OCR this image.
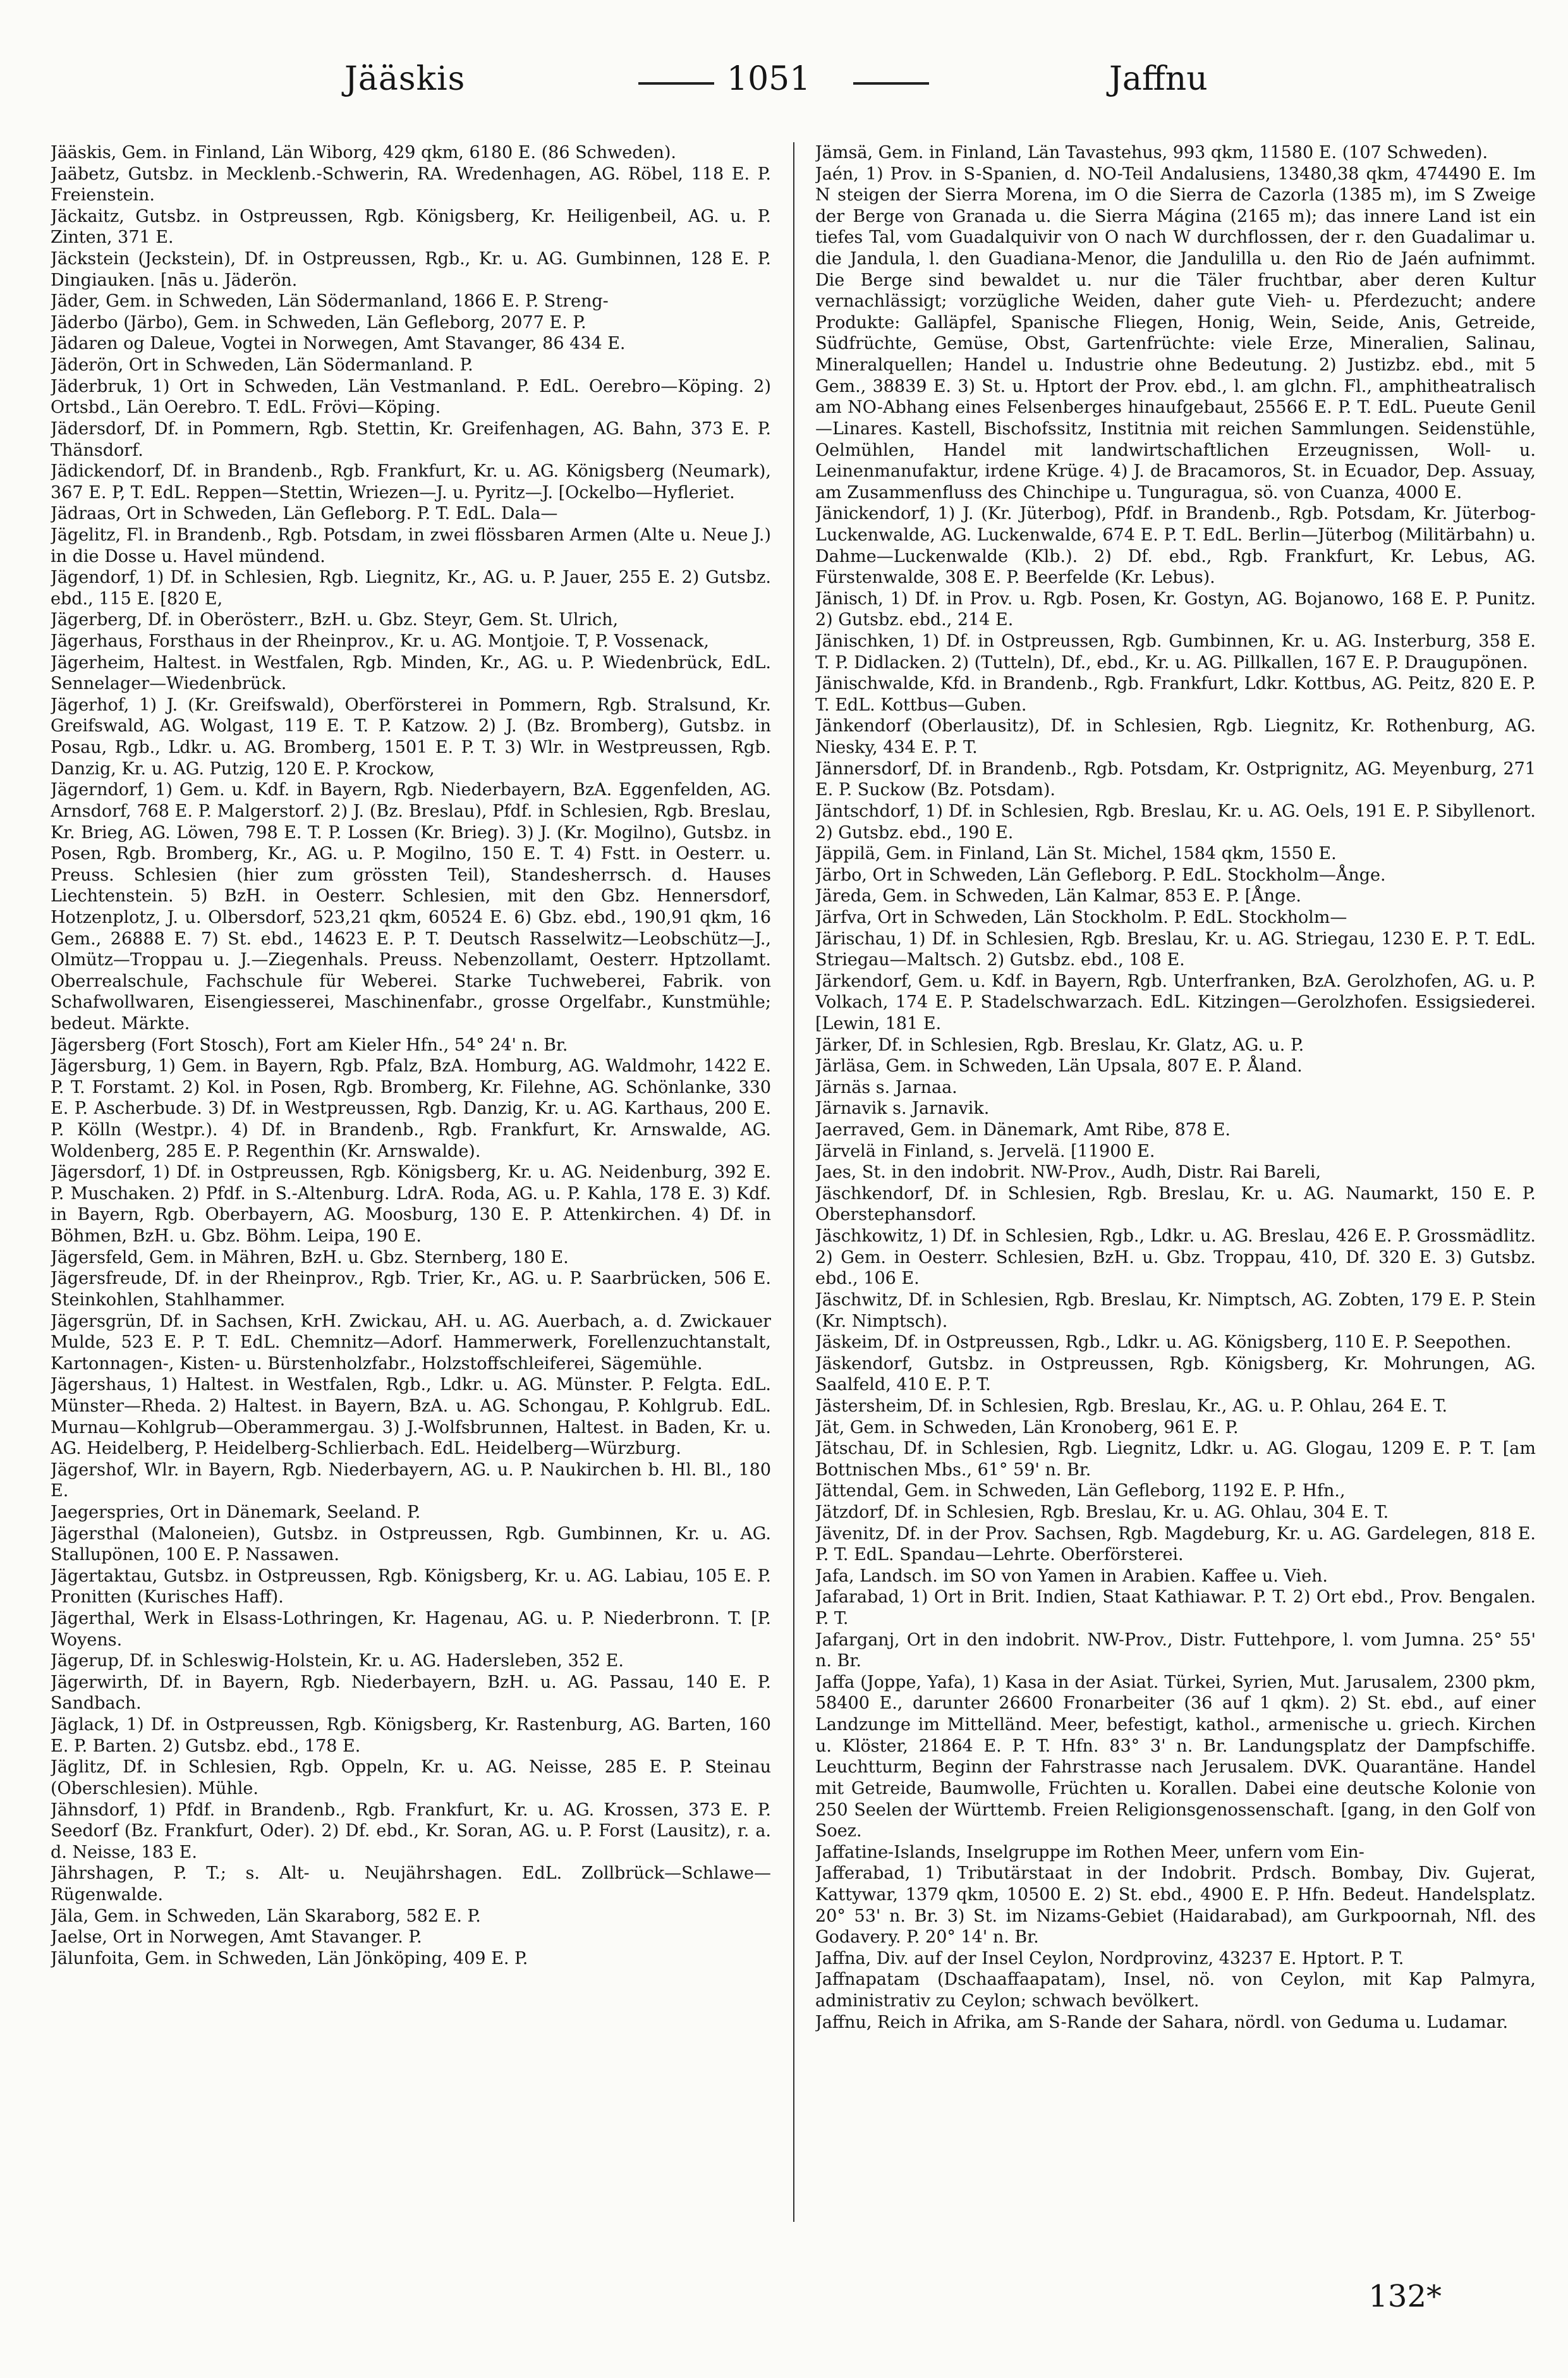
Jääskis	1051	Jaffnu

Jääskis, Gem. in Finland, Län Wiborg, 429 qkm, 6180 E. (86 Schweden).

Jaäbetz, Gutsbz. in Mecklenb.-Schwerin, RA. Wredenhagen, AG. Röbel, 118 E. P. Freienstein.

Jäckaitz, Gutsbz. in Ostpreussen, Rgb. Königsberg, Kr. Heiligenbeil, AG. u. P. Zinten, 371 E.

Jäckstein (Jeckstein), Df. in Ostpreussen, Rgb., Kr. u. AG. Gumbinnen, 128 E. P. Dingiauken. [nās u. Jäderön.

Jäder, Gem. in Schweden, Län Södermanland, 1866 E. P. Streng-

Jäderbo (Järbo), Gem. in Schweden, Län Gefleborg, 2077 E. P.

Jädaren og Daleue, Vogtei in Norwegen, Amt Stavanger, 86 434 E.

Jäderön, Ort in Schweden, Län Södermanland. P.

Jäderbruk, 1) Ort in Schweden, Län Vestmanland. P. EdL. Oerebro—Köping. 2) Ortsbd., Län Oerebro. T. EdL. Frövi—Köping.

Jädersdorf, Df. in Pommern, Rgb. Stettin, Kr. Greifenhagen, AG. Bahn, 373 E. P. Thänsdorf.

Jädickendorf, Df. in Brandenb., Rgb. Frankfurt, Kr. u. AG. Königsberg (Neumark), 367 E. P, T. EdL. Reppen—Stettin, Wriezen—J. u. Pyritz—J. [Ockelbo—Hyfleriet.

Jädraas, Ort in Schweden, Län Gefleborg. P. T. EdL. Dala—

Jägelitz, Fl. in Brandenb., Rgb. Potsdam, in zwei flössbaren Armen (Alte u. Neue J.) in die Dosse u. Havel mündend.

Jägendorf, 1) Df. in Schlesien, Rgb. Liegnitz, Kr., AG. u. P. Jauer, 255 E. 2) Gutsbz. ebd., 115 E. [820 E,

Jägerberg, Df. in Oberösterr., BzH. u. Gbz. Steyr, Gem. St. Ulrich,

Jägerhaus, Forsthaus in der Rheinprov., Kr. u. AG. Montjoie. T, P. Vossenack,

Jägerheim, Haltest. in Westfalen, Rgb. Minden, Kr., AG. u. P. Wiedenbrück, EdL. Sennelager—Wiedenbrück.

Jägerhof, 1) J. (Kr. Greifswald), Oberförsterei in Pommern, Rgb. Stralsund, Kr. Greifswald, AG. Wolgast, 119 E. T. P. Katzow. 2) J. (Bz. Bromberg), Gutsbz. in Posau, Rgb., Ldkr. u. AG. Bromberg, 1501 E. P. T. 3) Wlr. in Westpreussen, Rgb. Danzig, Kr. u. AG. Putzig, 120 E. P. Krockow,

Jägerndorf, 1) Gem. u. Kdf. in Bayern, Rgb. Niederbayern, BzA. Eggenfelden, AG. Arnsdorf, 768 E. P. Malgerstorf. 2) J. (Bz. Breslau), Pfdf. in Schlesien, Rgb. Breslau, Kr. Brieg, AG. Löwen, 798 E. T. P. Lossen (Kr. Brieg). 3) J. (Kr. Mogilno), Gutsbz. in Posen, Rgb. Bromberg, Kr., AG. u. P. Mogilno, 150 E. T. 4) Fstt. in Oesterr. u. Preuss. Schlesien (hier zum grössten Teil), Standesherrsch. d. Hauses Liechtenstein. 5) BzH. in Oesterr. Schlesien, mit den Gbz. Hennersdorf, Hotzenplotz, J. u. Olbersdorf, 523,21 qkm, 60524 E. 6) Gbz. ebd., 190,91 qkm, 16 Gem., 26888 E. 7) St. ebd., 14623 E. P. T. Deutsch Rasselwitz—Leobschütz—J., Olmütz—Troppau u. J.—Ziegenhals. Preuss. Nebenzollamt, Oesterr. Hptzollamt. Oberrealschule, Fachschule für Weberei. Starke Tuchweberei, Fabrik. von Schafwollwaren, Eisengiesserei, Maschinenfabr., grosse Orgelfabr., Kunstmühle; bedeut. Märkte.

Jägersberg (Fort Stosch), Fort am Kieler Hfn., 54° 24' n. Br.

Jägersburg, 1) Gem. in Bayern, Rgb. Pfalz, BzA. Homburg, AG. Waldmohr, 1422 E. P. T. Forstamt. 2) Kol. in Posen, Rgb. Bromberg, Kr. Filehne, AG. Schönlanke, 330 E. P. Ascherbude. 3) Df. in Westpreussen, Rgb. Danzig, Kr. u. AG. Karthaus, 200 E. P. Kölln (Westpr.). 4) Df. in Brandenb., Rgb. Frankfurt, Kr. Arnswalde, AG. Woldenberg, 285 E. P. Regenthin (Kr. Arnswalde).

Jägersdorf, 1) Df. in Ostpreussen, Rgb. Königsberg, Kr. u. AG. Neidenburg, 392 E. P. Muschaken. 2) Pfdf. in S.-Altenburg. LdrA. Roda, AG. u. P. Kahla, 178 E. 3) Kdf. in Bayern, Rgb. Oberbayern, AG. Moosburg, 130 E. P. Attenkirchen. 4) Df. in Böhmen, BzH. u. Gbz. Böhm. Leipa, 190 E.

Jägersfeld, Gem. in Mähren, BzH. u. Gbz. Sternberg, 180 E.

Jägersfreude, Df. in der Rheinprov., Rgb. Trier, Kr., AG. u. P. Saarbrücken, 506 E. Steinkohlen, Stahlhammer.

Jägersgrün, Df. in Sachsen, KrH. Zwickau, AH. u. AG. Auerbach, a. d. Zwickauer Mulde, 523 E. P. T. EdL. Chemnitz—Adorf. Hammerwerk, Forellenzuchtanstalt, Kartonnagen-, Kisten- u. Bürstenholzfabr., Holzstoffschleiferei, Sägemühle.

Jägershaus, 1) Haltest. in Westfalen, Rgb., Ldkr. u. AG. Münster. P. Felgta. EdL. Münster—Rheda. 2) Haltest. in Bayern, BzA. u. AG. Schongau, P. Kohlgrub. EdL. Murnau—Kohlgrub—Oberammergau. 3) J.-Wolfsbrunnen, Haltest. in Baden, Kr. u. AG. Heidelberg, P. Heidelberg-Schlierbach. EdL. Heidelberg—Würzburg.

Jägershof, Wlr. in Bayern, Rgb. Niederbayern, AG. u. P. Naukirchen b. Hl. Bl., 180 E.

Jaegerspries, Ort in Dänemark, Seeland. P.

Jägersthal (Maloneien), Gutsbz. in Ostpreussen, Rgb. Gumbinnen, Kr. u. AG. Stallupönen, 100 E. P. Nassawen.

Jägertaktau, Gutsbz. in Ostpreussen, Rgb. Königsberg, Kr. u. AG. Labiau, 105 E. P. Pronitten (Kurisches Haff).

Jägerthal, Werk in Elsass-Lothringen, Kr. Hagenau, AG. u. P. Niederbronn. T. [P. Woyens.

Jägerup, Df. in Schleswig-Holstein, Kr. u. AG. Hadersleben, 352 E.

Jägerwirth, Df. in Bayern, Rgb. Niederbayern, BzH. u. AG. Passau, 140 E. P. Sandbach.

Jäglack, 1) Df. in Ostpreussen, Rgb. Königsberg, Kr. Rastenburg, AG. Barten, 160 E. P. Barten. 2) Gutsbz. ebd., 178 E.

Jäglitz, Df. in Schlesien, Rgb. Oppeln, Kr. u. AG. Neisse, 285 E. P. Steinau (Oberschlesien). Mühle.

Jähnsdorf, 1) Pfdf. in Brandenb., Rgb. Frankfurt, Kr. u. AG. Krossen, 373 E. P. Seedorf (Bz. Frankfurt, Oder). 2) Df. ebd., Kr. Soran, AG. u. P. Forst (Lausitz), r. a. d. Neisse, 183 E.

Jährshagen, P. T.; s. Alt- u. Neujährshagen. EdL. Zollbrück—Schlawe—Rügenwalde.

Jäla, Gem. in Schweden, Län Skaraborg, 582 E. P.

Jaelse, Ort in Norwegen, Amt Stavanger. P.

Jälunfoita, Gem. in Schweden, Län Jönköping, 409 E. P.

Jämsä, Gem. in Finland, Län Tavastehus, 993 qkm, 11580 E. (107 Schweden).

Jaén, 1) Prov. in S-Spanien, d. NO-Teil Andalusiens, 13480,38 qkm, 474490 E. Im N steigen der Sierra Morena, im O die Sierra de Cazorla (1385 m), im S Zweige der Berge von Granada u. die Sierra Mágina (2165 m); das innere Land ist ein tiefes Tal, vom Guadalquivir von O nach W durchflossen, der r. den Guadalimar u. die Jandula, l. den Guadiana-Menor, die Jandulilla u. den Rio de Jaén aufnimmt. Die Berge sind bewaldet u. nur die Täler fruchtbar, aber deren Kultur vernachlässigt; vorzügliche Weiden, daher gute Vieh- u. Pferdezucht; andere Produkte: Galläpfel, Spanische Fliegen, Honig, Wein, Seide, Anis, Getreide, Südfrüchte, Gemüse, Obst, Gartenfrüchte: viele Erze, Mineralien, Salinau, Mineralquellen; Handel u. Industrie ohne Bedeutung. 2) Justizbz. ebd., mit 5 Gem., 38839 E. 3) St. u. Hptort der Prov. ebd., l. am glchn. Fl., amphitheatralisch am NO-Abhang eines Felsenberges hinaufgebaut, 25566 E. P. T. EdL. Pueute Genil—Linares. Kastell, Bischofssitz, Institnia mit reichen Sammlungen. Seidenstühle, Oelmühlen, Handel mit landwirtschaftlichen Erzeugnissen, Woll- u. Leinenmanufaktur, irdene Krüge. 4) J. de Bracamoros, St. in Ecuador, Dep. Assuay, am Zusammenfluss des Chinchipe u. Tunguragua, sö. von Cuanza, 4000 E.

Jänickendorf, 1) J. (Kr. Jüterbog), Pfdf. in Brandenb., Rgb. Potsdam, Kr. Jüterbog-Luckenwalde, AG. Luckenwalde, 674 E. P. T. EdL. Berlin—Jüterbog (Militärbahn) u. Dahme—Luckenwalde (Klb.). 2) Df. ebd., Rgb. Frankfurt, Kr. Lebus, AG. Fürstenwalde, 308 E. P. Beerfelde (Kr. Lebus).

Jänisch, 1) Df. in Prov. u. Rgb. Posen, Kr. Gostyn, AG. Bojanowo, 168 E. P. Punitz. 2) Gutsbz. ebd., 214 E.

Jänischken, 1) Df. in Ostpreussen, Rgb. Gumbinnen, Kr. u. AG. Insterburg, 358 E. T. P. Didlacken. 2) (Tutteln), Df., ebd., Kr. u. AG. Pillkallen, 167 E. P. Draugupönen.

Jänischwalde, Kfd. in Brandenb., Rgb. Frankfurt, Ldkr. Kottbus, AG. Peitz, 820 E. P. T. EdL. Kottbus—Guben.

Jänkendorf (Oberlausitz), Df. in Schlesien, Rgb. Liegnitz, Kr. Rothenburg, AG. Niesky, 434 E. P. T.

Jännersdorf, Df. in Brandenb., Rgb. Potsdam, Kr. Ostprignitz, AG. Meyenburg, 271 E. P. Suckow (Bz. Potsdam).

Jäntschdorf, 1) Df. in Schlesien, Rgb. Breslau, Kr. u. AG. Oels, 191 E. P. Sibyllenort. 2) Gutsbz. ebd., 190 E.

Jäppilä, Gem. in Finland, Län St. Michel, 1584 qkm, 1550 E.

Järbo, Ort in Schweden, Län Gefleborg. P. EdL. Stockholm—Ånge.

Järeda, Gem. in Schweden, Län Kalmar, 853 E. P. [Ånge.

Järfva, Ort in Schweden, Län Stockholm. P. EdL. Stockholm—

Järischau, 1) Df. in Schlesien, Rgb. Breslau, Kr. u. AG. Striegau, 1230 E. P. T. EdL. Striegau—Maltsch. 2) Gutsbz. ebd., 108 E.

Järkendorf, Gem. u. Kdf. in Bayern, Rgb. Unterfranken, BzA. Gerolzhofen, AG. u. P. Volkach, 174 E. P. Stadelschwarzach. EdL. Kitzingen—Gerolzhofen. Essigsiederei. [Lewin, 181 E.

Järker, Df. in Schlesien, Rgb. Breslau, Kr. Glatz, AG. u. P.

Järläsa, Gem. in Schweden, Län Upsala, 807 E. P. Åland.

Järnäs s. Jarnaa.

Järnavik s. Jarnavik.

Jaerraved, Gem. in Dänemark, Amt Ribe, 878 E.

Järvelä in Finland, s. Jervelä. [11900 E.

Jaes, St. in den indobrit. NW-Prov., Audh, Distr. Rai Bareli,

Jäschkendorf, Df. in Schlesien, Rgb. Breslau, Kr. u. AG. Naumarkt, 150 E. P. Oberstephansdorf.

Jäschkowitz, 1) Df. in Schlesien, Rgb., Ldkr. u. AG. Breslau, 426 E. P. Grossmädlitz. 2) Gem. in Oesterr. Schlesien, BzH. u. Gbz. Troppau, 410, Df. 320 E. 3) Gutsbz. ebd., 106 E.

Jäschwitz, Df. in Schlesien, Rgb. Breslau, Kr. Nimptsch, AG. Zobten, 179 E. P. Stein (Kr. Nimptsch).

Jäskeim, Df. in Ostpreussen, Rgb., Ldkr. u. AG. Königsberg, 110 E. P. Seepothen.

Jäskendorf, Gutsbz. in Ostpreussen, Rgb. Königsberg, Kr. Mohrungen, AG. Saalfeld, 410 E. P. T.

Jästersheim, Df. in Schlesien, Rgb. Breslau, Kr., AG. u. P. Ohlau, 264 E. T.

Jät, Gem. in Schweden, Län Kronoberg, 961 E. P.

Jätschau, Df. in Schlesien, Rgb. Liegnitz, Ldkr. u. AG. Glogau, 1209 E. P. T. [am Bottnischen Mbs., 61° 59' n. Br.

Jättendal, Gem. in Schweden, Län Gefleborg, 1192 E. P. Hfn.,

Jätzdorf, Df. in Schlesien, Rgb. Breslau, Kr. u. AG. Ohlau, 304 E. T.

Jävenitz, Df. in der Prov. Sachsen, Rgb. Magdeburg, Kr. u. AG. Gardelegen, 818 E. P. T. EdL. Spandau—Lehrte. Oberförsterei.

Jafa, Landsch. im SO von Yamen in Arabien. Kaffee u. Vieh.

Jafarabad, 1) Ort in Brit. Indien, Staat Kathiawar. P. T. 2) Ort ebd., Prov. Bengalen. P. T.

Jafarganj, Ort in den indobrit. NW-Prov., Distr. Futtehpore, l. vom Jumna. 25° 55' n. Br.

Jaffa (Joppe, Yafa), 1) Kasa in der Asiat. Türkei, Syrien, Mut. Jarusalem, 2300 pkm, 58400 E., darunter 26600 Fronarbeiter (36 auf 1 qkm). 2) St. ebd., auf einer Landzunge im Mittelländ. Meer, befestigt, kathol., armenische u. griech. Kirchen u. Klöster, 21864 E. P. T. Hfn. 83° 3' n. Br. Landungsplatz der Dampfschiffe. Leuchtturm, Beginn der Fahrstrasse nach Jerusalem. DVK. Quarantäne. Handel mit Getreide, Baumwolle, Früchten u. Korallen. Dabei eine deutsche Kolonie von 250 Seelen der Württemb. Freien Religionsgenossenschaft. [gang, in den Golf von Soez.

Jaffatine-Islands, Inselgruppe im Rothen Meer, unfern vom Ein-

Jafferabad, 1) Tributärstaat in der Indobrit. Prdsch. Bombay, Div. Gujerat, Kattywar, 1379 qkm, 10500 E. 2) St. ebd., 4900 E. P. Hfn. Bedeut. Handelsplatz. 20° 53' n. Br. 3) St. im Nizams-Gebiet (Haidarabad), am Gurkpoornah, Nfl. des Godavery. P. 20° 14' n. Br.

Jaffna, Div. auf der Insel Ceylon, Nordprovinz, 43237 E. Hptort. P. T.

Jaffnapatam (Dschaaffaapatam), Insel, nö. von Ceylon, mit Kap Palmyra, administrativ zu Ceylon; schwach bevölkert.

Jaffnu, Reich in Afrika, am S-Rande der Sahara, nördl. von Geduma u. Ludamar.

132*
